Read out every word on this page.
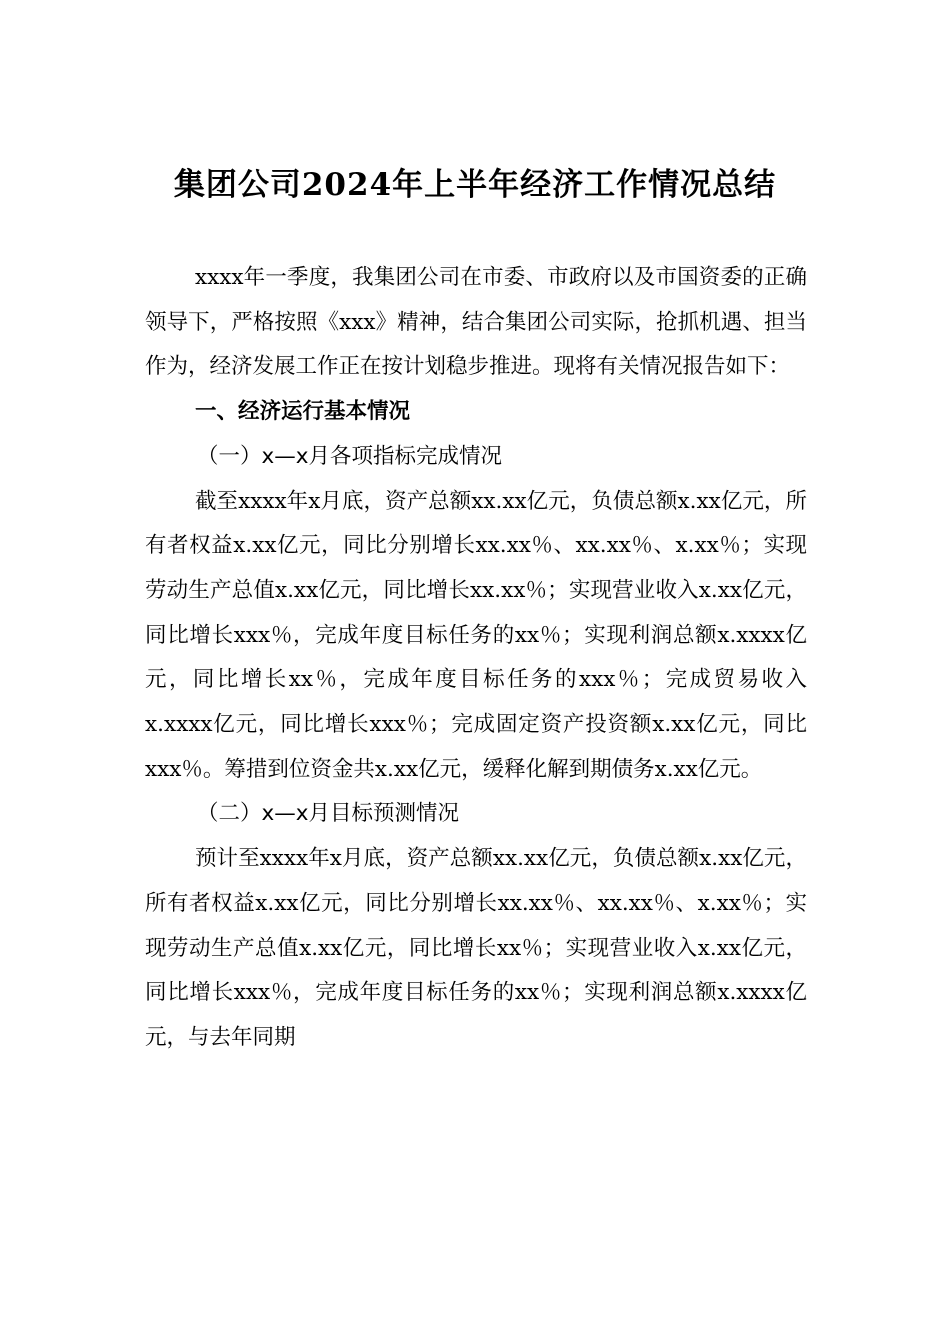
集团公司2024年上半年经济工作情况总结

xxxx年一季度，我集团公司在市委、市政府以及市国资委的正确领导下，严格按照《xxx》精神，结合集团公司实际，抢抓机遇、担当作为，经济发展工作正在按计划稳步推进。现将有关情况报告如下：

一、经济运行基本情况

（一）x—x月各项指标完成情况

截至xxxx年x月底，资产总额xx.xx亿元，负债总额x.xx亿元，所有者权益x.xx亿元，同比分别增长xx.xx％、xx.xx％、x.xx％；实现劳动生产总值x.xx亿元，同比增长xx.xx％；实现营业收入x.xx亿元，同比增长xxx％，完成年度目标任务的xx％；实现利润总额x.xxxx亿元，同比增长xx％，完成年度目标任务的xxx％；完成贸易收入x.xxxx亿元，同比增长xxx％；完成固定资产投资额x.xx亿元，同比xxx％。筹措到位资金共x.xx亿元，缓释化解到期债务x.xx亿元。

（二）x—x月目标预测情况

预计至xxxx年x月底，资产总额xx.xx亿元，负债总额x.xx亿元，所有者权益x.xx亿元，同比分别增长xx.xx％、xx.xx％、x.xx％；实现劳动生产总值x.xx亿元，同比增长xx％；实现营业收入x.xx亿元，同比增长xxx％，完成年度目标任务的xx％；实现利润总额x.xxxx亿元，与去年同期
